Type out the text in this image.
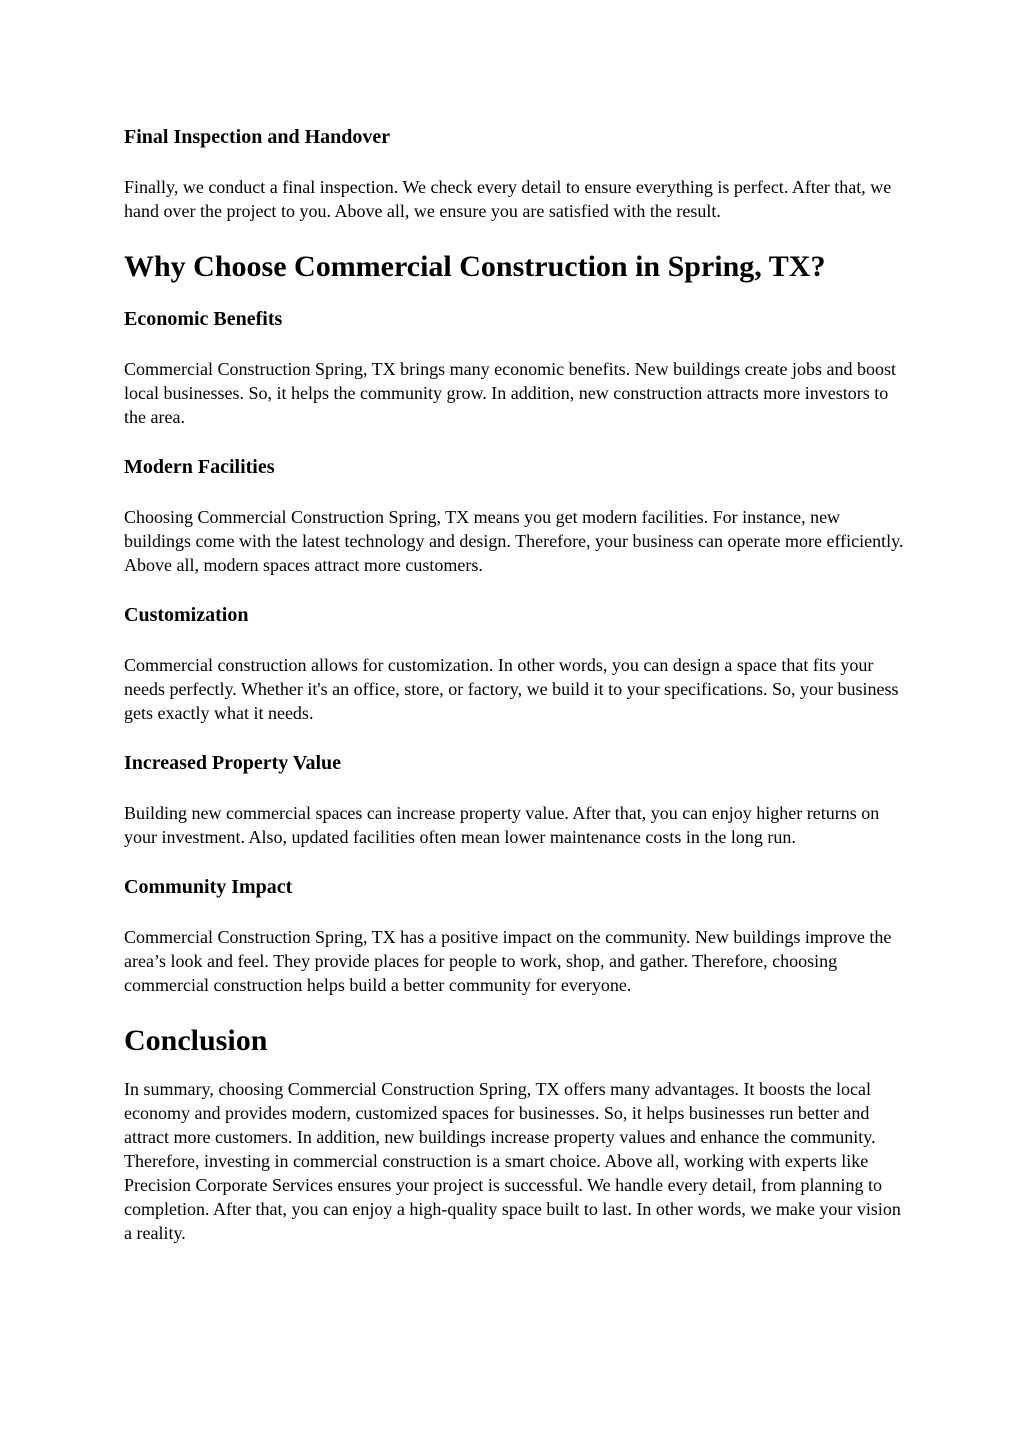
Final Inspection and Handover

Finally, we conduct a final inspection. We check every detail to ensure everything is perfect. After that, we hand over the project to you. Above all, we ensure you are satisfied with the result.

Why Choose Commercial Construction in Spring, TX?
Economic Benefits

Commercial Construction Spring, TX brings many economic benefits. New buildings create jobs and boost local businesses. So, it helps the community grow. In addition, new construction attracts more investors to the area.

Modern Facilities

Choosing Commercial Construction Spring, TX means you get modern facilities. For instance, new buildings come with the latest technology and design. Therefore, your business can operate more efficiently. Above all, modern spaces attract more customers.

Customization

Commercial construction allows for customization. In other words, you can design a space that fits your needs perfectly. Whether it's an office, store, or factory, we build it to your specifications. So, your business gets exactly what it needs.

Increased Property Value

Building new commercial spaces can increase property value. After that, you can enjoy higher returns on your investment. Also, updated facilities often mean lower maintenance costs in the long run.

Community Impact

Commercial Construction Spring, TX has a positive impact on the community. New buildings improve the area’s look and feel. They provide places for people to work, shop, and gather. Therefore, choosing commercial construction helps build a better community for everyone.

Conclusion

In summary, choosing Commercial Construction Spring, TX offers many advantages. It boosts the local economy and provides modern, customized spaces for businesses. So, it helps businesses run better and attract more customers. In addition, new buildings increase property values and enhance the community. Therefore, investing in commercial construction is a smart choice. Above all, working with experts like Precision Corporate Services ensures your project is successful. We handle every detail, from planning to completion. After that, you can enjoy a high-quality space built to last. In other words, we make your vision a reality.
